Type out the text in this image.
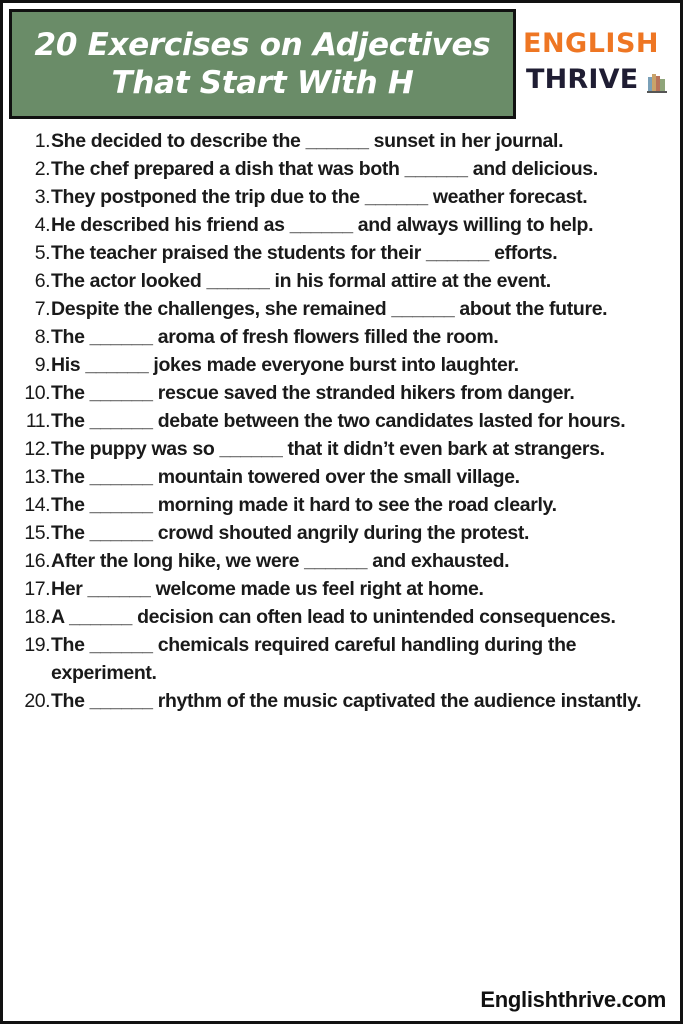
20 Exercises on Adjectives
That Start With H
ENGLISH
THRIVE
1. She decided to describe the ______ sunset in her journal.
2. The chef prepared a dish that was both ______ and delicious.
3. They postponed the trip due to the ______ weather forecast.
4. He described his friend as ______ and always willing to help.
5. The teacher praised the students for their ______ efforts.
6. The actor looked ______ in his formal attire at the event.
7. Despite the challenges, she remained ______ about the future.
8. The ______ aroma of fresh flowers filled the room.
9. His ______ jokes made everyone burst into laughter.
10. The ______ rescue saved the stranded hikers from danger.
11. The ______ debate between the two candidates lasted for hours.
12. The puppy was so ______ that it didn’t even bark at strangers.
13. The ______ mountain towered over the small village.
14. The ______ morning made it hard to see the road clearly.
15. The ______ crowd shouted angrily during the protest.
16. After the long hike, we were ______ and exhausted.
17. Her ______ welcome made us feel right at home.
18. A ______ decision can often lead to unintended consequences.
19. The ______ chemicals required careful handling during the experiment.
20. The ______ rhythm of the music captivated the audience instantly.
Englishthrive.com
